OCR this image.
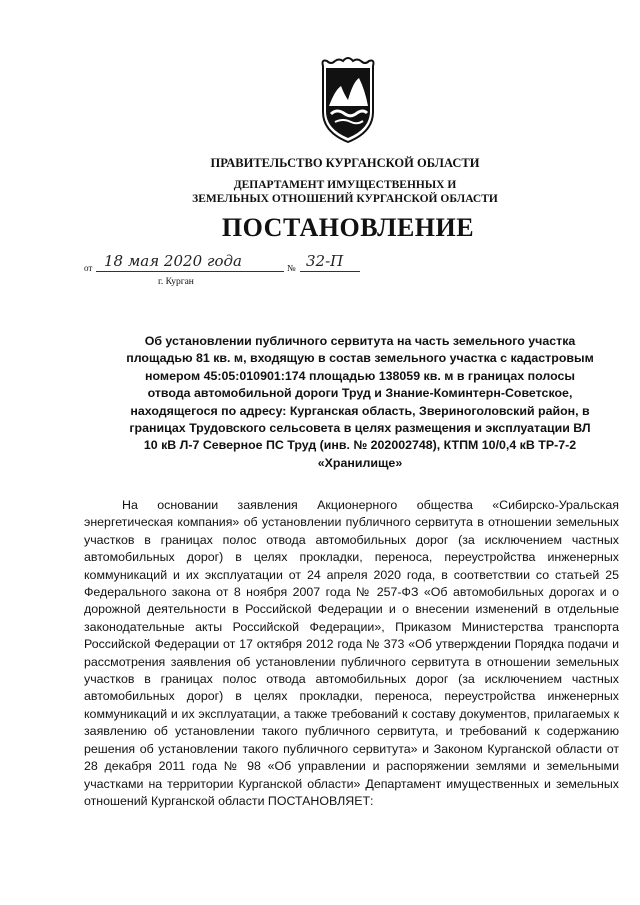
ПРАВИТЕЛЬСТВО КУРГАНСКОЙ ОБЛАСТИ
ДЕПАРТАМЕНТ ИМУЩЕСТВЕННЫХ И
ЗЕМЕЛЬНЫХ ОТНОШЕНИЙ КУРГАНСКОЙ ОБЛАСТИ
ПОСТАНОВЛЕНИЕ
от 18 мая 2020 года	№ 32-П
г. Курган
Об установлении публичного сервитута на часть земельного участка
площадью 81 кв. м, входящую в состав земельного участка с кадастровым
номером 45:05:010901:174 площадью 138059 кв. м в границах полосы
отвода автомобильной дороги Труд и Знание-Коминтерн-Советское,
находящегося по адресу: Курганская область, Звериноголовский район, в
границах Трудовского сельсовета в целях размещения и эксплуатации ВЛ
10 кВ Л-7 Северное ПС Труд (инв. № 202002748), КТПМ 10/0,4 кВ ТР-7-2
«Хранилище»

На основании заявления Акционерного общества «Сибирско-Уральская энергетическая компания» об установлении публичного сервитута в отношении земельных участков в границах полос отвода автомобильных дорог (за исключением частных автомобильных дорог) в целях прокладки, переноса, переустройства инженерных коммуникаций и их эксплуатации от 24 апреля 2020 года, в соответствии со статьей 25 Федерального закона от 8 ноября 2007 года № 257-ФЗ «Об автомобильных дорогах и о дорожной деятельности в Российской Федерации и о внесении изменений в отдельные законодательные акты Российской Федерации», Приказом Министерства транспорта Российской Федерации от 17 октября 2012 года № 373 «Об утверждении Порядка подачи и рассмотрения заявления об установлении публичного сервитута в отношении земельных участков в границах полос отвода автомобильных дорог (за исключением частных автомобильных дорог) в целях прокладки, переноса, переустройства инженерных коммуникаций и их эксплуатации, а также требований к составу документов, прилагаемых к заявлению об установлении такого публичного сервитута, и требований к содержанию решения об установлении такого публичного сервитута» и Законом Курганской области от 28 декабря 2011 года № 98 «Об управлении и распоряжении землями и земельными участками на территории Курганской области» Департамент имущественных и земельных отношений Курганской области ПОСТАНОВЛЯЕТ:
